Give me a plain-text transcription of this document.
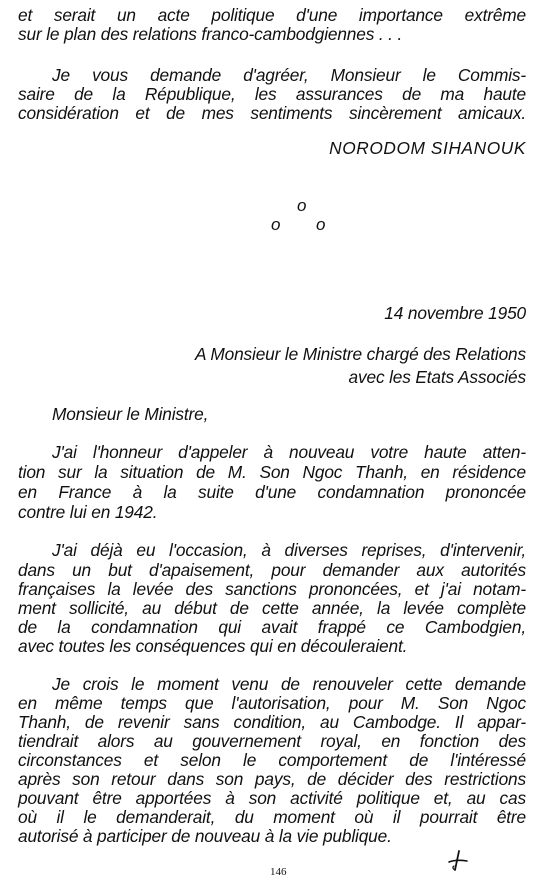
et serait un acte politique d'une importance extrême
sur le plan des relations franco-cambodgiennes . . .
Je vous demande d'agréer, Monsieur le Commis-
saire de la République, les assurances de ma haute
considération et de mes sentiments sincèrement amicaux.
NORODOM SIHANOUK
o
o o
14 novembre 1950
A Monsieur le Ministre chargé des Relations
avec les Etats Associés
Monsieur le Ministre,
J'ai l'honneur d'appeler à nouveau votre haute atten-
tion sur la situation de M. Son Ngoc Thanh, en résidence
en France à la suite d'une condamnation prononcée
contre lui en 1942.
J'ai déjà eu l'occasion, à diverses reprises, d'intervenir,
dans un but d'apaisement, pour demander aux autorités
françaises la levée des sanctions prononcées, et j'ai notam-
ment sollicité, au début de cette année, la levée complète
de la condamnation qui avait frappé ce Cambodgien,
avec toutes les conséquences qui en découleraient.
Je crois le moment venu de renouveler cette demande
en même temps que l'autorisation, pour M. Son Ngoc
Thanh, de revenir sans condition, au Cambodge. Il appar-
tiendrait alors au gouvernement royal, en fonction des
circonstances et selon le comportement de l'intéressé
après son retour dans son pays, de décider des restrictions
pouvant être apportées à son activité politique et, au cas
où il le demanderait, du moment où il pourrait être
autorisé à participer de nouveau à la vie publique.
146
